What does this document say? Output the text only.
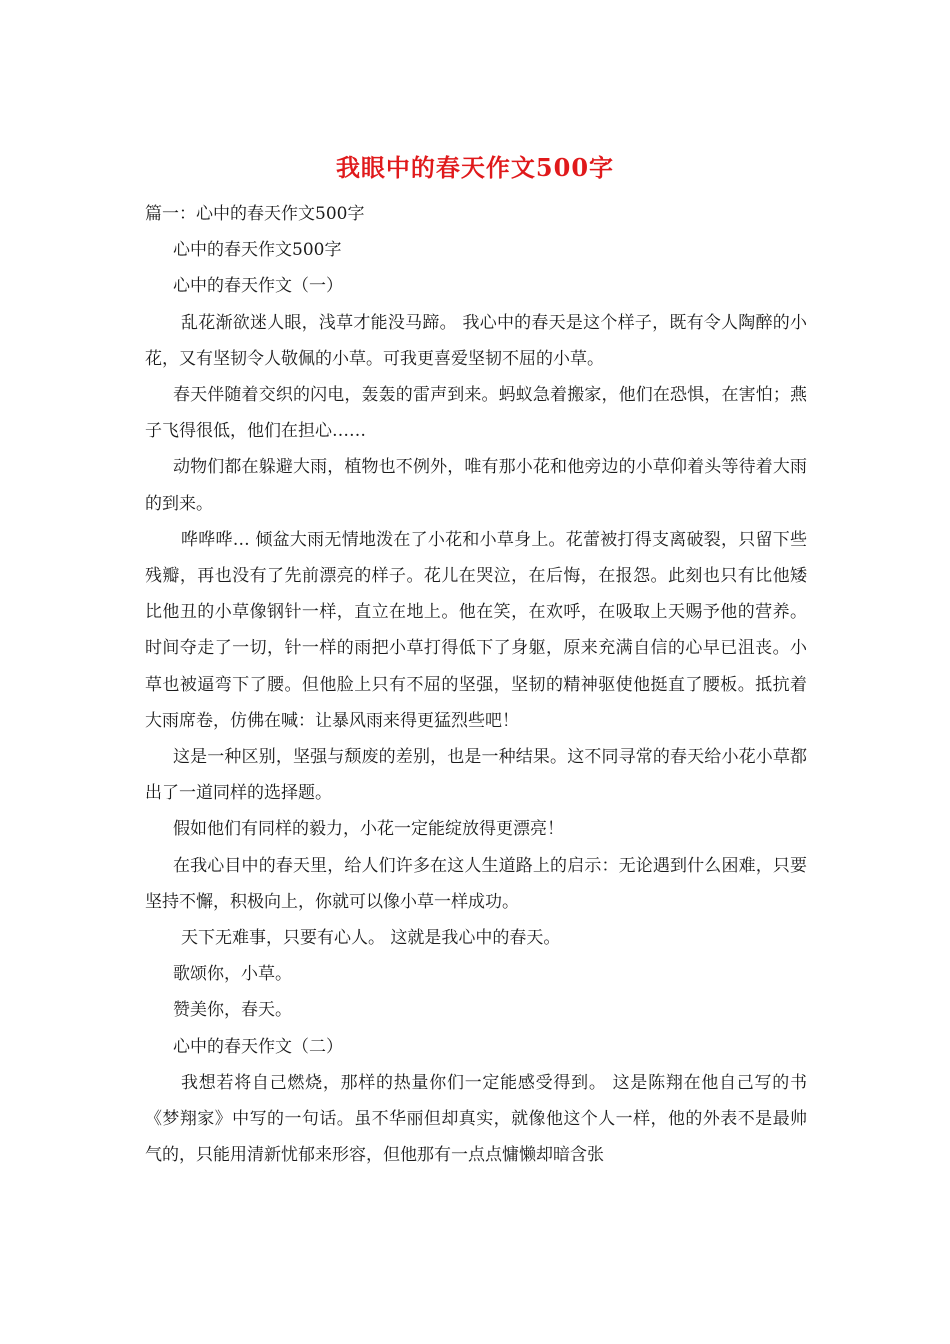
我眼中的春天作文500字

篇一：心中的春天作文500字

心中的春天作文500字

心中的春天作文（一）

乱花渐欲迷人眼，浅草才能没马蹄。 我心中的春天是这个样子，既有令人陶醉的小花，又有坚韧令人敬佩的小草。可我更喜爱坚韧不屈的小草。

春天伴随着交织的闪电，轰轰的雷声到来。蚂蚁急着搬家，他们在恐惧，在害怕；燕子飞得很低，他们在担心……

动物们都在躲避大雨，植物也不例外，唯有那小花和他旁边的小草仰着头等待着大雨的到来。

哗哗哗… 倾盆大雨无情地泼在了小花和小草身上。花蕾被打得支离破裂，只留下些残瓣，再也没有了先前漂亮的样子。花儿在哭泣，在后悔，在报怨。此刻也只有比他矮比他丑的小草像钢针一样，直立在地上。他在笑，在欢呼，在吸取上天赐予他的营养。时间夺走了一切，针一样的雨把小草打得低下了身躯，原来充满自信的心早已沮丧。小草也被逼弯下了腰。但他脸上只有不屈的坚强，坚韧的精神驱使他挺直了腰板。抵抗着大雨席卷，仿佛在喊：让暴风雨来得更猛烈些吧！

这是一种区别，坚强与颓废的差别，也是一种结果。这不同寻常的春天给小花小草都出了一道同样的选择题。

假如他们有同样的毅力，小花一定能绽放得更漂亮！

在我心目中的春天里，给人们许多在这人生道路上的启示：无论遇到什么困难，只要坚持不懈，积极向上，你就可以像小草一样成功。

天下无难事，只要有心人。 这就是我心中的春天。

歌颂你，小草。

赞美你，春天。

心中的春天作文（二）

我想若将自己燃烧，那样的热量你们一定能感受得到。 这是陈翔在他自己写的书《梦翔家》中写的一句话。虽不华丽但却真实，就像他这个人一样，他的外表不是最帅气的，只能用清新忧郁来形容，但他那有一点点慵懒却暗含张
